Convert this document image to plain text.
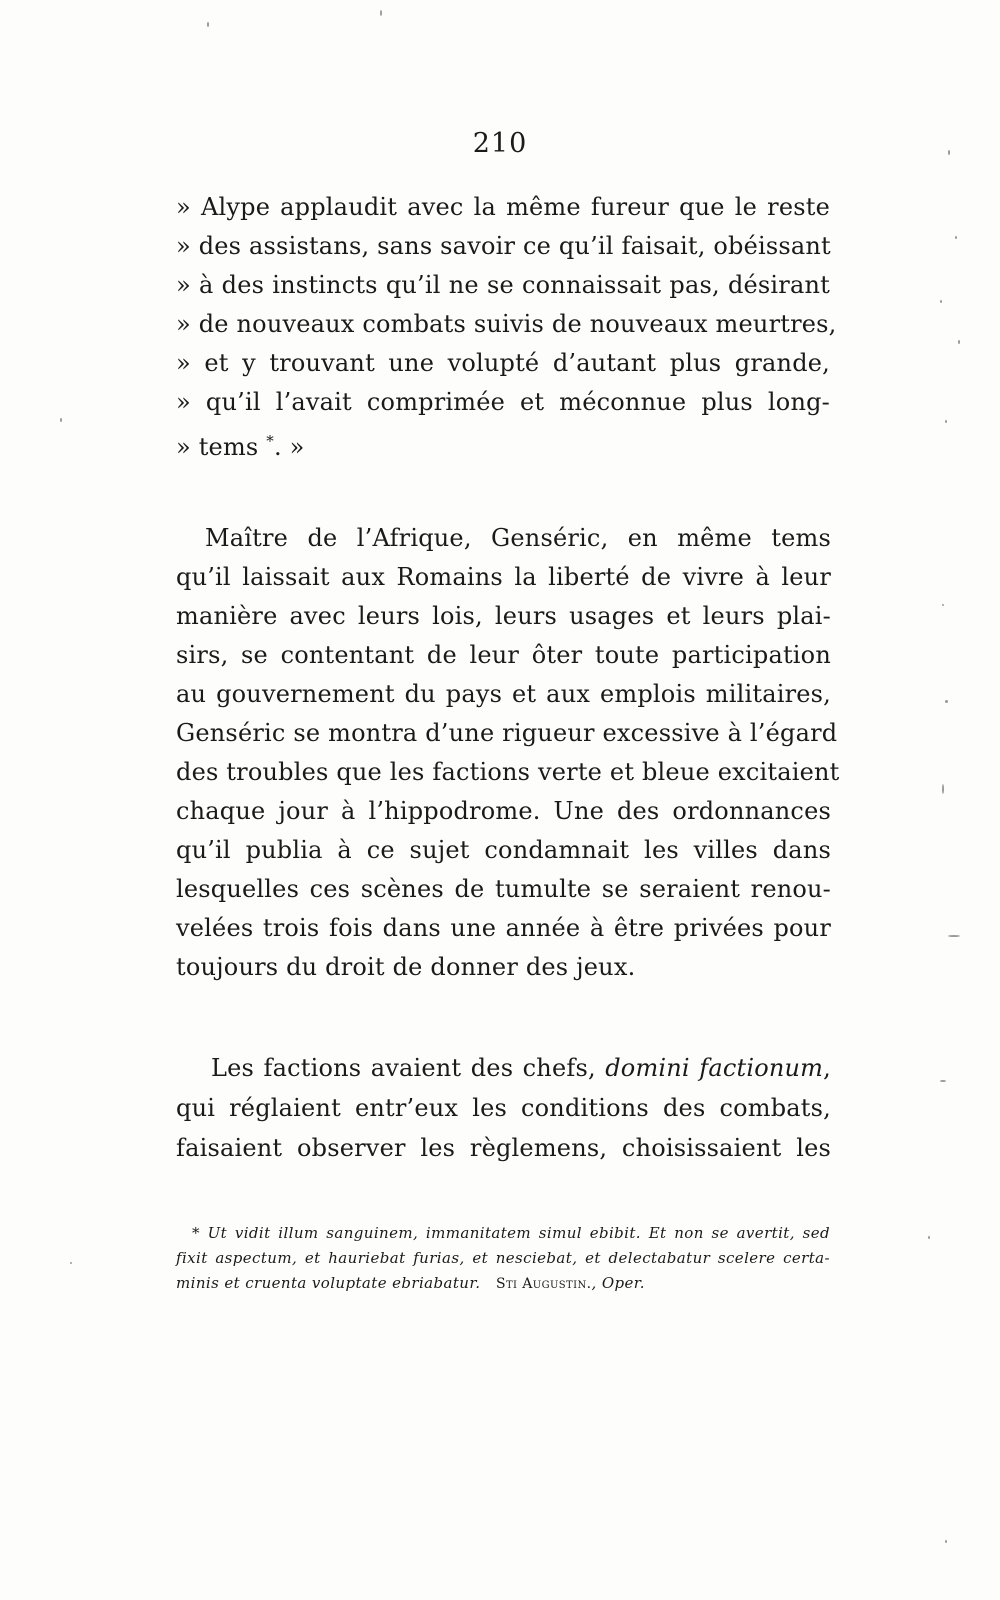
210
» Alype applaudit avec la même fureur que le reste
» des assistans, sans savoir ce qu’il faisait, obéissant
» à des instincts qu’il ne se connaissait pas, désirant
» de nouveaux combats suivis de nouveaux meurtres,
» et y trouvant une volupté d’autant plus grande,
» qu’il l’avait comprimée et méconnue plus long-
» tems *. »
Maître de l’Afrique, Genséric, en même tems
qu’il laissait aux Romains la liberté de vivre à leur
manière avec leurs lois, leurs usages et leurs plai-
sirs, se contentant de leur ôter toute participation
au gouvernement du pays et aux emplois militaires,
Genséric se montra d’une rigueur excessive à l’égard
des troubles que les factions verte et bleue excitaient
chaque jour à l’hippodrome. Une des ordonnances
qu’il publia à ce sujet condamnait les villes dans
lesquelles ces scènes de tumulte se seraient renou-
velées trois fois dans une année à être privées pour
toujours du droit de donner des jeux.
Les factions avaient des chefs, domini factionum,
qui réglaient entr’eux les conditions des combats,
faisaient observer les règlemens, choisissaient les
* Ut vidit illum sanguinem, immanitatem simul ebibit. Et non se avertit, sed
fixit aspectum, et hauriebat furias, et nesciebat, et delectabatur scelere certa-
minis et cruenta voluptate ebriabatur. Sti Augustin., Oper.
